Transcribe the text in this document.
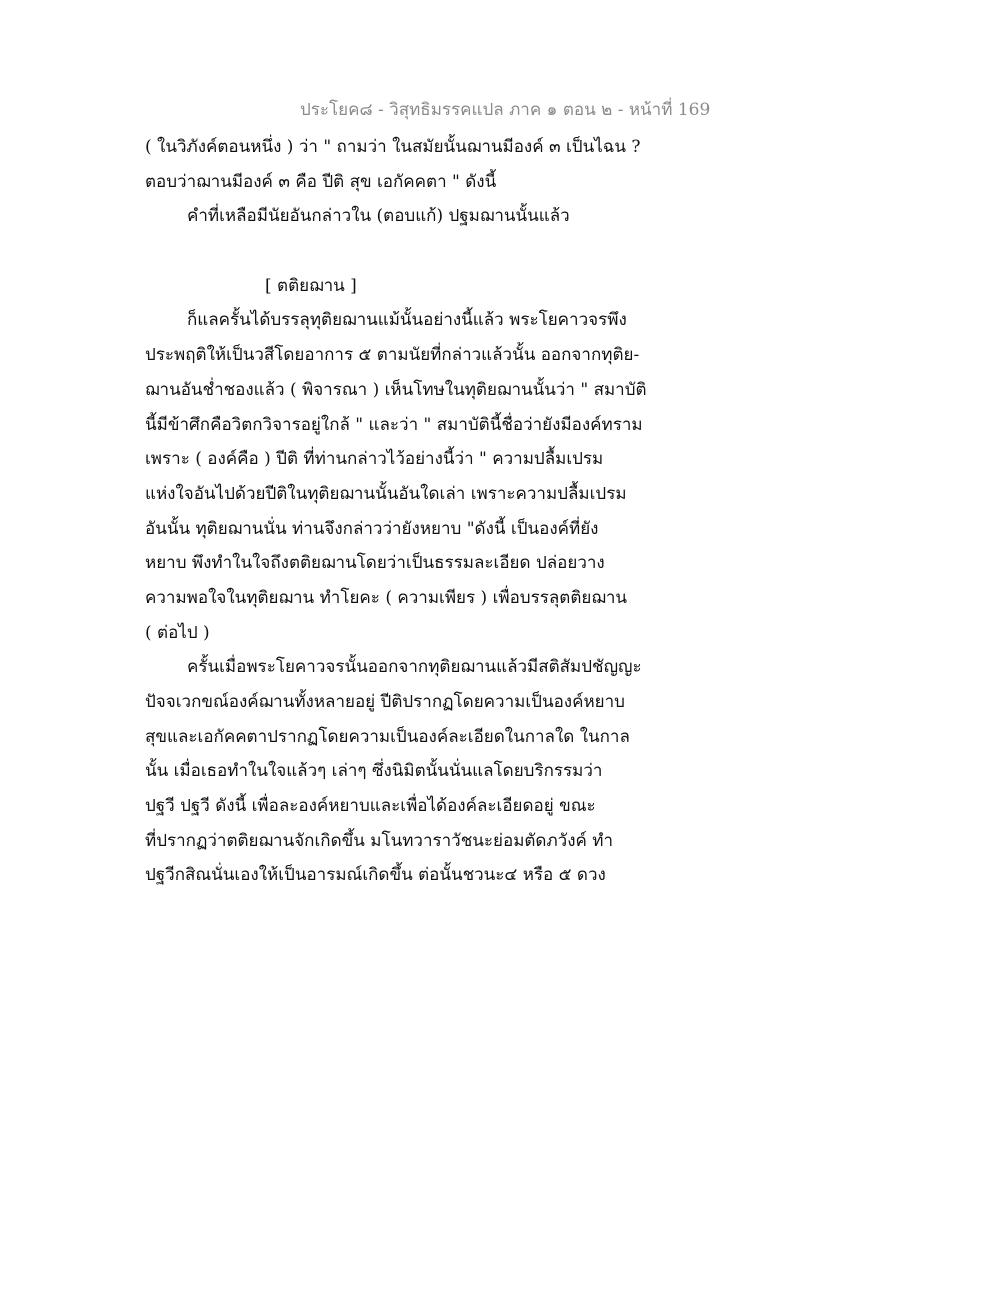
ประโยค๘ - วิสุทธิมรรคแปล ภาค ๑ ตอน ๒ - หน้าที่ 169
( ในวิภังค์ตอนหนึ่ง ) ว่า " ถามว่า ในสมัยนั้นฌานมีองค์ ๓ เป็นไฉน ?
ตอบว่าฌานมีองค์ ๓ คือ ปีติ สุข เอกัคคตา " ดังนี้
คำที่เหลือมีนัยอันกล่าวใน (ตอบแก้) ปฐมฌานนั้นแล้ว
[ ตติยฌาน ]
ก็แลครั้นได้บรรลุทุติยฌานแม้นั้นอย่างนี้แล้ว พระโยคาวจรพึง
ประพฤติให้เป็นวสีโดยอาการ ๕ ตามนัยที่กล่าวแล้วนั้น ออกจากทุติย-
ฌานอันช่ำชองแล้ว ( พิจารณา ) เห็นโทษในทุติยฌานนั้นว่า " สมาบัติ
นี้มีข้าศึกคือวิตกวิจารอยู่ใกล้ " และว่า " สมาบัตินี้ชื่อว่ายังมีองค์ทราม
เพราะ ( องค์คือ ) ปีติ ที่ท่านกล่าวไว้อย่างนี้ว่า " ความปลื้มเปรม
แห่งใจอันไปด้วยปีติในทุติยฌานนั้นอันใดเล่า เพราะความปลื้มเปรม
อันนั้น ทุติยฌานนั่น ท่านจึงกล่าวว่ายังหยาบ "ดังนี้ เป็นองค์ที่ยัง
หยาบ พึงทำในใจถึงตติยฌานโดยว่าเป็นธรรมละเอียด ปล่อยวาง
ความพอใจในทุติยฌาน ทำโยคะ ( ความเพียร ) เพื่อบรรลุตติยฌาน
( ต่อไป )
ครั้นเมื่อพระโยคาวจรนั้นออกจากทุติยฌานแล้วมีสติสัมปชัญญะ
ปัจจเวกขณ์องค์ฌานทั้งหลายอยู่ ปีติปรากฏโดยความเป็นองค์หยาบ
สุขและเอกัคคตาปรากฏโดยความเป็นองค์ละเอียดในกาลใด ในกาล
นั้น เมื่อเธอทำในใจแล้วๆ เล่าๆ ซึ่งนิมิตนั้นนั่นแลโดยบริกรรมว่า
ปฐวี ปฐวี ดังนี้ เพื่อละองค์หยาบและเพื่อได้องค์ละเอียดอยู่ ขณะ
ที่ปรากฏว่าตติยฌานจักเกิดขึ้น มโนทวาราวัชนะย่อมตัดภวังค์ ทำ
ปฐวีกสิณนั่นเองให้เป็นอารมณ์เกิดขึ้น ต่อนั้นชวนะ๔ หรือ ๕ ดวง
